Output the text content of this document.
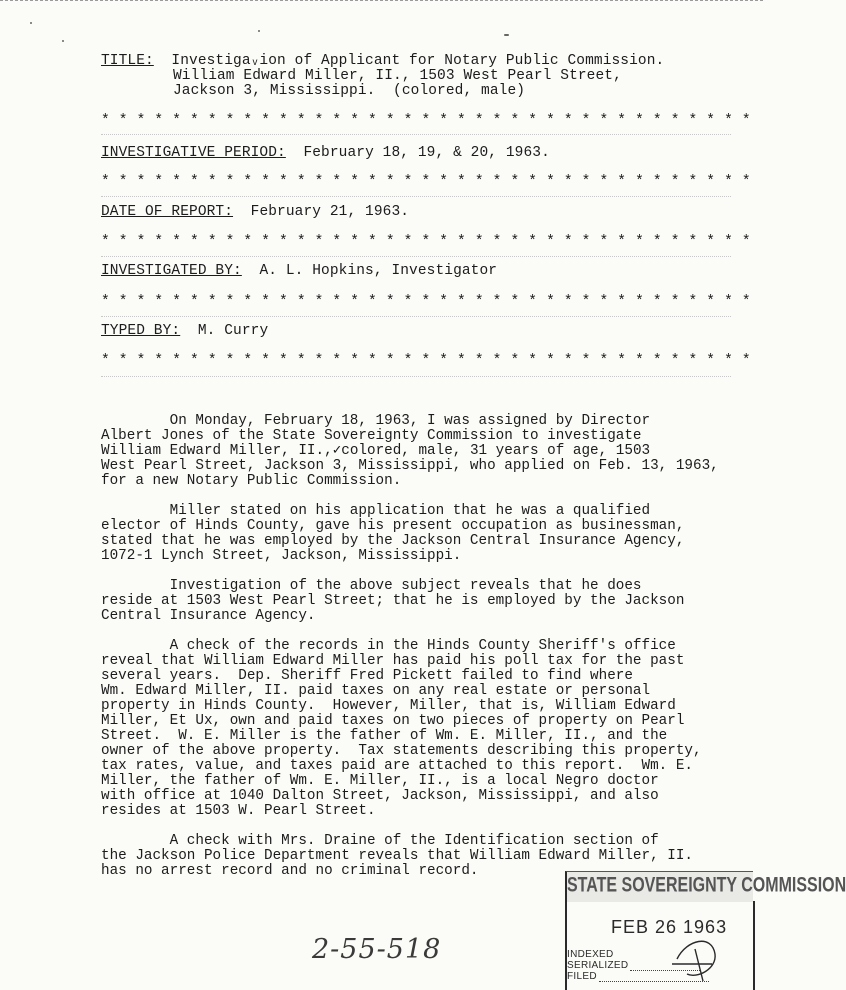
TITLE: Investigaᵥion of Applicant for Notary Public Commission.
William Edward Miller, II., 1503 West Pearl Street,
Jackson 3, Mississippi.  (colored, male)
* * * * * * * * * * * * * * * * * * * * * * * * * * * * * * * * * * * * *
INVESTIGATIVE PERIOD: February 18, 19, & 20, 1963.
* * * * * * * * * * * * * * * * * * * * * * * * * * * * * * * * * * * * *
DATE OF REPORT: February 21, 1963.
* * * * * * * * * * * * * * * * * * * * * * * * * * * * * * * * * * * * *
INVESTIGATED BY: A. L. Hopkins, Investigator
* * * * * * * * * * * * * * * * * * * * * * * * * * * * * * * * * * * * *
TYPED BY: M. Curry
* * * * * * * * * * * * * * * * * * * * * * * * * * * * * * * * * * * * *
On Monday, February 18, 1963, I was assigned by Director
Albert Jones of the State Sovereignty Commission to investigate
William Edward Miller, II.,✓colored, male, 31 years of age, 1503
West Pearl Street, Jackson 3, Mississippi, who applied on Feb. 13, 1963,
for a new Notary Public Commission.
Miller stated on his application that he was a qualified
elector of Hinds County, gave his present occupation as businessman,
stated that he was employed by the Jackson Central Insurance Agency,
1072-1 Lynch Street, Jackson, Mississippi.
Investigation of the above subject reveals that he does
reside at 1503 West Pearl Street; that he is employed by the Jackson
Central Insurance Agency.
A check of the records in the Hinds County Sheriff's office
reveal that William Edward Miller has paid his poll tax for the past
several years.  Dep. Sheriff Fred Pickett failed to find where
Wm. Edward Miller, II. paid taxes on any real estate or personal
property in Hinds County.  However, Miller, that is, William Edward
Miller, Et Ux, own and paid taxes on two pieces of property on Pearl
Street.  W. E. Miller is the father of Wm. E. Miller, II., and the
owner of the above property.  Tax statements describing this property,
tax rates, value, and taxes paid are attached to this report.  Wm. E.
Miller, the father of Wm. E. Miller, II., is a local Negro doctor
with office at 1040 Dalton Street, Jackson, Mississippi, and also
resides at 1503 W. Pearl Street.
A check with Mrs. Draine of the Identification section of
the Jackson Police Department reveals that William Edward Miller, II.
has no arrest record and no criminal record.
2-55-518
STATE SOVEREIGNTY COMMISSION
FEB 26 1963
INDEXED
SERIALIZED
FILED
